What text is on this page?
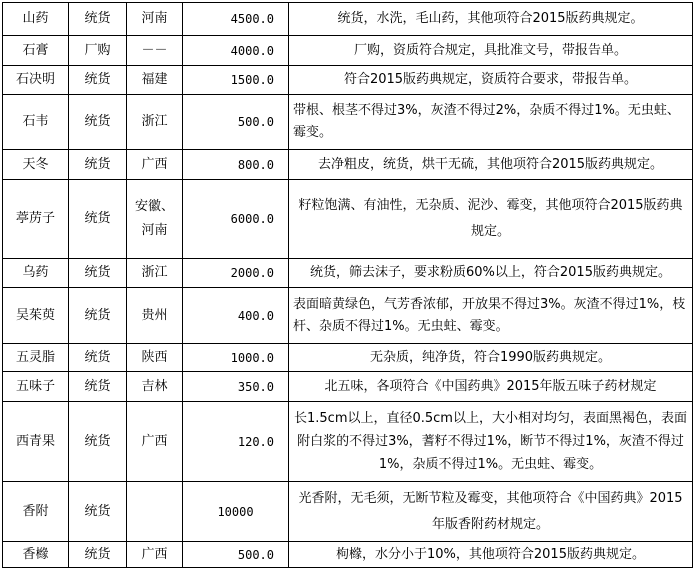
山药	统货	河南	4500.0	统货，水洗，毛山药，其他项符合2015版药典规定。
石膏	厂购	－－	4000.0	厂购，资质符合规定，具批准文号，带报告单。
石决明	统货	福建	1500.0	符合2015版药典规定，资质符合要求，带报告单。
石韦	统货	浙江	500.0	带根、根茎不得过3%，灰渣不得过2%，杂质不得过1%。无虫蛀、霉变。
天冬	统货	广西	800.0	去净粗皮，统货，烘干无硫，其他项符合2015版药典规定。
葶苈子	统货	安徽、河南	6000.0	籽粒饱满、有油性，无杂质、泥沙、霉变，其他项符合2015版药典规定。
乌药	统货	浙江	2000.0	统货，筛去沫子，要求粉质60%以上，符合2015版药典规定。
吴茱萸	统货	贵州	400.0	表面暗黄绿色，气芳香浓郁，开放果不得过3%。灰渣不得过1%，枝杆、杂质不得过1%。无虫蛀、霉变。
五灵脂	统货	陕西	1000.0	无杂质，纯净货，符合1990版药典规定。
五味子	统货	吉林	350.0	北五味，各项符合《中国药典》2015年版五味子药材规定
西青果	统货	广西	120.0	长1.5cm以上，直径0.5cm以上，大小相对均匀，表面黑褐色，表面附白浆的不得过3%，蓍籽不得过1%，断节不得过1%，灰渣不得过1%，杂质不得过1%。无虫蛀、霉变。
香附	统货		10000	光香附，无毛须，无断节粒及霉变，其他项符合《中国药典》2015年版香附药材规定。
香橼	统货	广西	500.0	枸橼，水分小于10%，其他项符合2015版药典规定。
